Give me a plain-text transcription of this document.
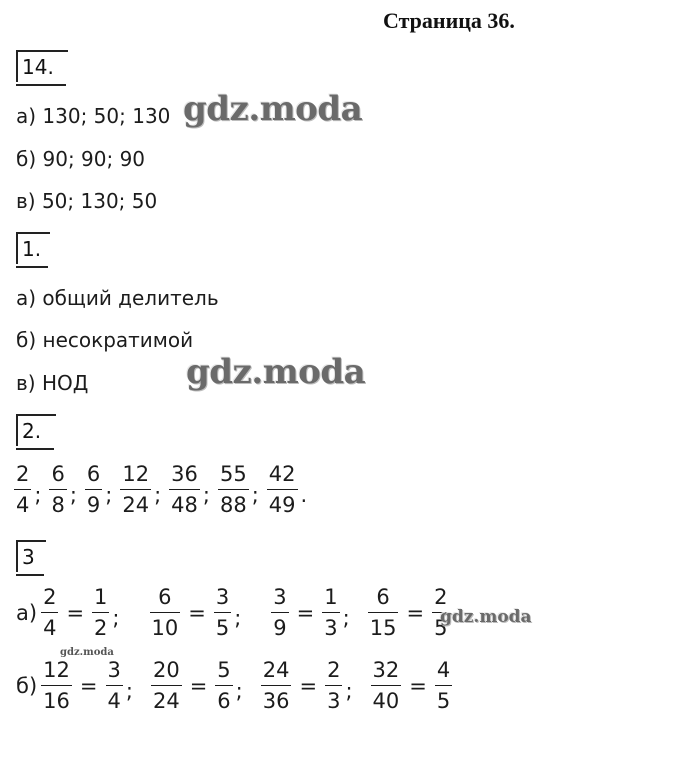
Страница 36.
14.
а) 130; 50; 130
б) 90; 90; 90
в) 50; 130; 50
gdz.moda
1.
а) общий делитель
б) несократимой
в) НОД	gdz.moda
2.
$\frac{2}{4}$ ; $\frac{6}{8}$ ; $\frac{6}{9}$ ; $\frac{12}{24}$ ; $\frac{36}{48}$ ; $\frac{55}{88}$ ; $\frac{42}{49}$ .
3
$а) \frac{2}{4} = \frac{1}{2}$ ; $\frac{6}{10} = \frac{3}{5}$ ; $\frac{3}{9} = \frac{1}{3}$ ; $\frac{6}{15} = \frac{2}{5}$
gdz.moda
gdz.moda
$б) \frac{12}{16} = \frac{3}{4}$ ; $\frac{20}{24} = \frac{5}{6}$ ; $\frac{24}{36} = \frac{2}{3}$ ; $\frac{32}{40} = \frac{4}{5}$
